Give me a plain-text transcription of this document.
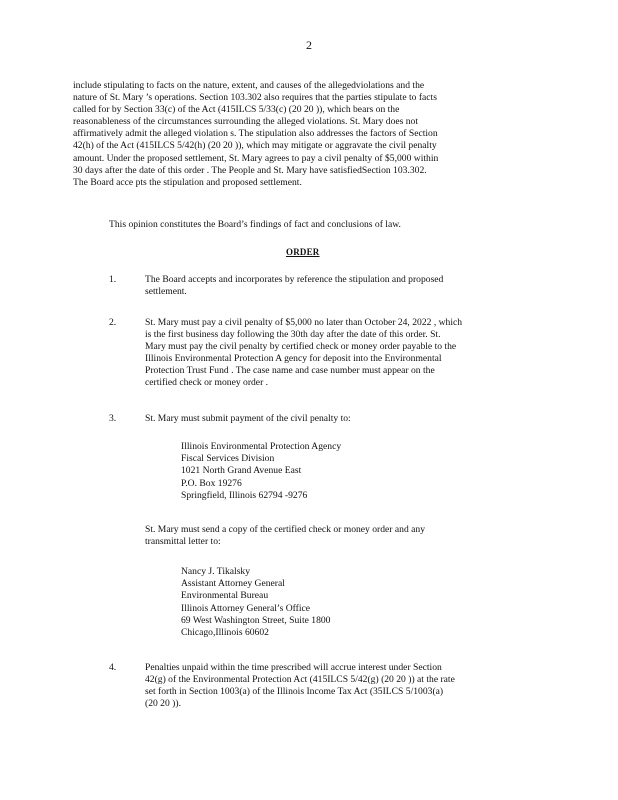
2
include stipulating to facts on the nature, extent, and causes of the allegedviolations and the
nature of St. Mary ’s operations. Section 103.302 also requires that the parties stipulate to facts
called for by Section 33(c) of the Act (415ILCS 5/33(c) (20 20 )), which bears on the
reasonableness of the circumstances surrounding the alleged violations. St. Mary does not
affirmatively admit the alleged violation s. The stipulation also addresses the factors of Section
42(h) of the Act (415ILCS 5/42(h) (20 20 )), which may mitigate or aggravate the civil penalty
amount. Under the proposed settlement, St. Mary agrees to pay a civil penalty of $5,000 within
30 days after the date of this order . The People and St. Mary have satisfiedSection 103.302.
The Board acce pts the stipulation and proposed settlement.
This opinion constitutes the Board’s findings of fact and conclusions of law.
ORDER
1.	The Board accepts and incorporates by reference the stipulation and proposed
settlement.
2.	St. Mary must pay a civil penalty of $5,000 no later than October 24, 2022 , which
is the first business day following the 30th day after the date of this order. St.
Mary must pay the civil penalty by certified check or money order payable to the
Illinois Environmental Protection A gency for deposit into the Environmental
Protection Trust Fund . The case name and case number must appear on the
certified check or money order .
3.	St. Mary must submit payment of the civil penalty to:
Illinois Environmental Protection Agency
Fiscal Services Division
1021 North Grand Avenue East
P.O. Box 19276
Springfield, Illinois 62794 -9276
St. Mary must send a copy of the certified check or money order and any
transmittal letter to:
Nancy J. Tikalsky
Assistant Attorney General
Environmental Bureau
Illinois Attorney General’s Office
69 West Washington Street, Suite 1800
Chicago,Illinois 60602
4.	Penalties unpaid within the time prescribed will accrue interest under Section
42(g) of the Environmental Protection Act (415ILCS 5/42(g) (20 20 )) at the rate
set forth in Section 1003(a) of the Illinois Income Tax Act (35ILCS 5/1003(a)
(20 20 )).
